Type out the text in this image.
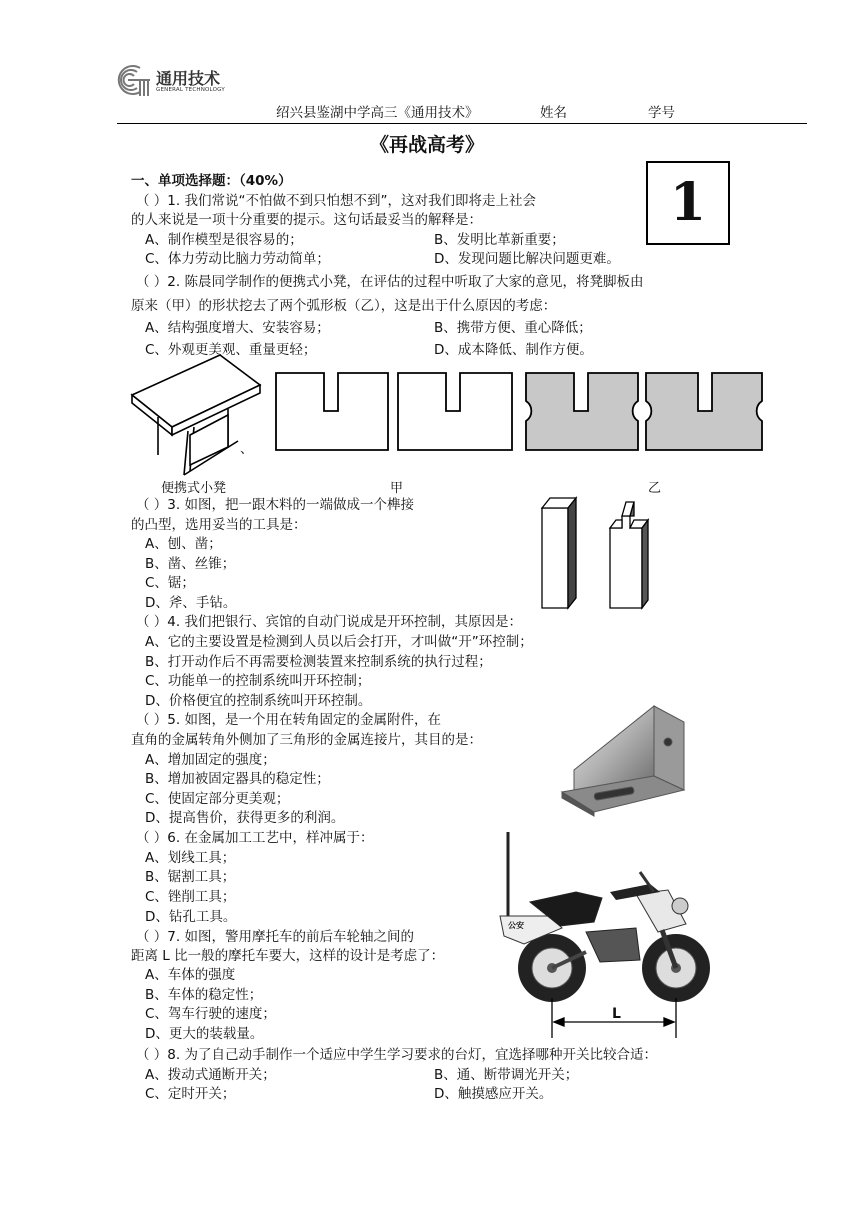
通用技术
GENERAL TECHNOLOGY
绍兴县鉴湖中学高三《通用技术》	姓名	学号
《再战高考》
1
一、单项选择题：（40%）
（ ）1. 我们常说“不怕做不到只怕想不到”，这对我们即将走上社会
的人来说是一项十分重要的提示。这句话最妥当的解释是：
A、制作模型是很容易的；	B、发明比革新重要；
C、体力劳动比脑力劳动简单；	D、发现问题比解决问题更难。
（ ）2. 陈晨同学制作的便携式小凳，在评估的过程中听取了大家的意见，将凳脚板由
原来（甲）的形状挖去了两个弧形板（乙），这是出于什么原因的考虑：
A、结构强度增大、安装容易；	B、携带方便、重心降低；
C、外观更美观、重量更轻；	D、成本降低、制作方便。
、
便携式小凳	甲	乙
（ ）3. 如图，把一跟木料的一端做成一个榫接
的凸型，选用妥当的工具是：
A、刨、凿；
B、凿、丝锥；
C、锯；
D、斧、手钻。
（ ）4. 我们把银行、宾馆的自动门说成是开环控制，其原因是：
A、它的主要设置是检测到人员以后会打开，才叫做“开”环控制；
B、打开动作后不再需要检测装置来控制系统的执行过程；
C、功能单一的控制系统叫开环控制；
D、价格便宜的控制系统叫开环控制。
（ ）5. 如图，是一个用在转角固定的金属附件，在
直角的金属转角外侧加了三角形的金属连接片，其目的是：
A、增加固定的强度；
B、增加被固定器具的稳定性；
C、使固定部分更美观；
D、提高售价，获得更多的利润。
（ ）6. 在金属加工工艺中，样冲属于：
A、划线工具；
B、锯割工具；
C、锉削工具；
D、钻孔工具。
（ ）7. 如图，警用摩托车的前后车轮轴之间的
距离 L 比一般的摩托车要大，这样的设计是考虑了：
A、车体的强度
B、车体的稳定性；
C、驾车行驶的速度；
D、更大的装载量。
公安
L
（ ）8. 为了自己动手制作一个适应中学生学习要求的台灯，宜选择哪种开关比较合适：
A、拨动式通断开关；	B、通、断带调光开关；
C、定时开关；	D、触摸感应开关。
